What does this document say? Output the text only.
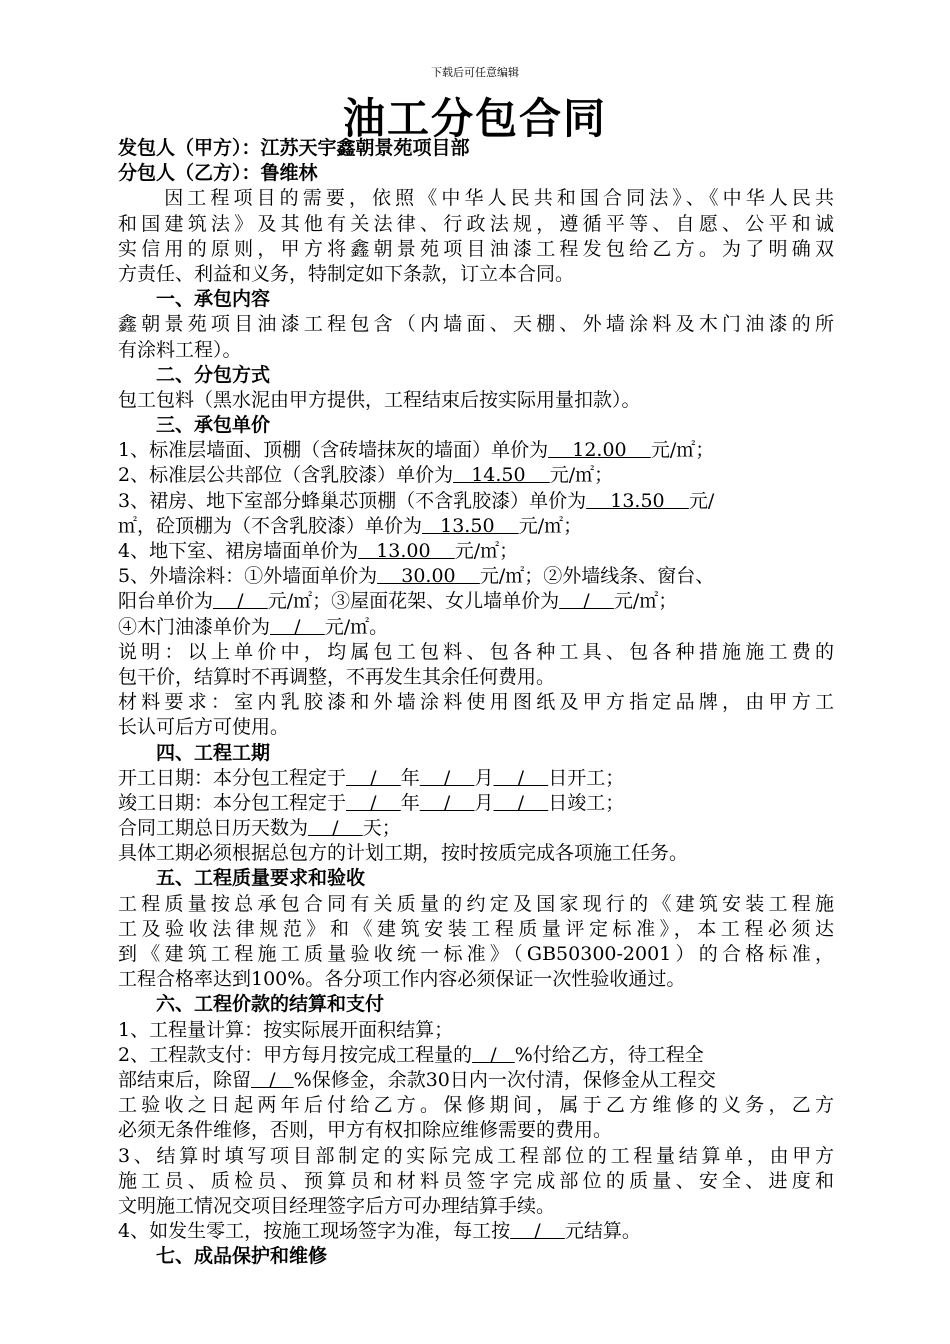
下载后可任意编辑
油工分包合同
发包人（甲方）：江苏天宇鑫朝景苑项目部
分包人（乙方）：鲁维林
　　因工程项目的需要，依照《中华人民共和国合同法》、《中华人民共
和国建筑法》及其他有关法律、行政法规，遵循平等、自愿、公平和诚
实信用的原则，甲方将鑫朝景苑项目油漆工程发包给乙方。为了明确双
方责任、利益和义务，特制定如下条款，订立本合同。
一、承包内容
鑫朝景苑项目油漆工程包含（内墙面、天棚、外墙涂料及木门油漆的所
有涂料工程）。
二、分包方式
包工包料（黑水泥由甲方提供，工程结束后按实际用量扣款）。
三、承包单价
1、标准层墙面、顶棚（含砖墙抹灰的墙面）单价为    12.00    元/㎡；
2、标准层公共部位（含乳胶漆）单价为   14.50    元/㎡；
3、裙房、地下室部分蜂巢芯顶棚（不含乳胶漆）单价为    13.50    元/
㎡，砼顶棚为（不含乳胶漆）单价为   13.50    元/㎡；
4、地下室、裙房墙面单价为   13.00    元/㎡；
5、外墙涂料：①外墙面单价为    30.00    元/㎡；②外墙线条、窗台、
阳台单价为    /    元/㎡；③屋面花架、女儿墙单价为    /    元/㎡；
④木门油漆单价为    /    元/㎡。
说明：以上单价中，均属包工包料、包各种工具、包各种措施施工费的
包干价，结算时不再调整，不再发生其余任何费用。
材料要求：室内乳胶漆和外墙涂料使用图纸及甲方指定品牌，由甲方工
长认可后方可使用。
四、工程工期
开工日期：本分包工程定于    /    年    /    月    /    日开工；
竣工日期：本分包工程定于    /    年    /    月    /    日竣工；
合同工期总日历天数为    /    天；
具体工期必须根据总包方的计划工期，按时按质完成各项施工任务。
五、工程质量要求和验收
工程质量按总承包合同有关质量的约定及国家现行的《建筑安装工程施
工及验收法律规范》和《建筑安装工程质量评定标准》，本工程必须达
到《建筑工程施工质量验收统一标准》（GB50300-2001）的合格标准，
工程合格率达到100%。各分项工作内容必须保证一次性验收通过。
六、工程价款的结算和支付
1、工程量计算：按实际展开面积结算；
2、工程款支付：甲方每月按完成工程量的   /   %付给乙方，待工程全
部结束后，除留   /   %保修金，余款30日内一次付清，保修金从工程交
工验收之日起两年后付给乙方。保修期间，属于乙方维修的义务，乙方
必须无条件维修，否则，甲方有权扣除应维修需要的费用。
3、结算时填写项目部制定的实际完成工程部位的工程量结算单，由甲方
施工员、质检员、预算员和材料员签字完成部位的质量、安全、进度和
文明施工情况交项目经理签字后方可办理结算手续。
4、如发生零工，按施工现场签字为准，每工按    /    元结算。
七、成品保护和维修
